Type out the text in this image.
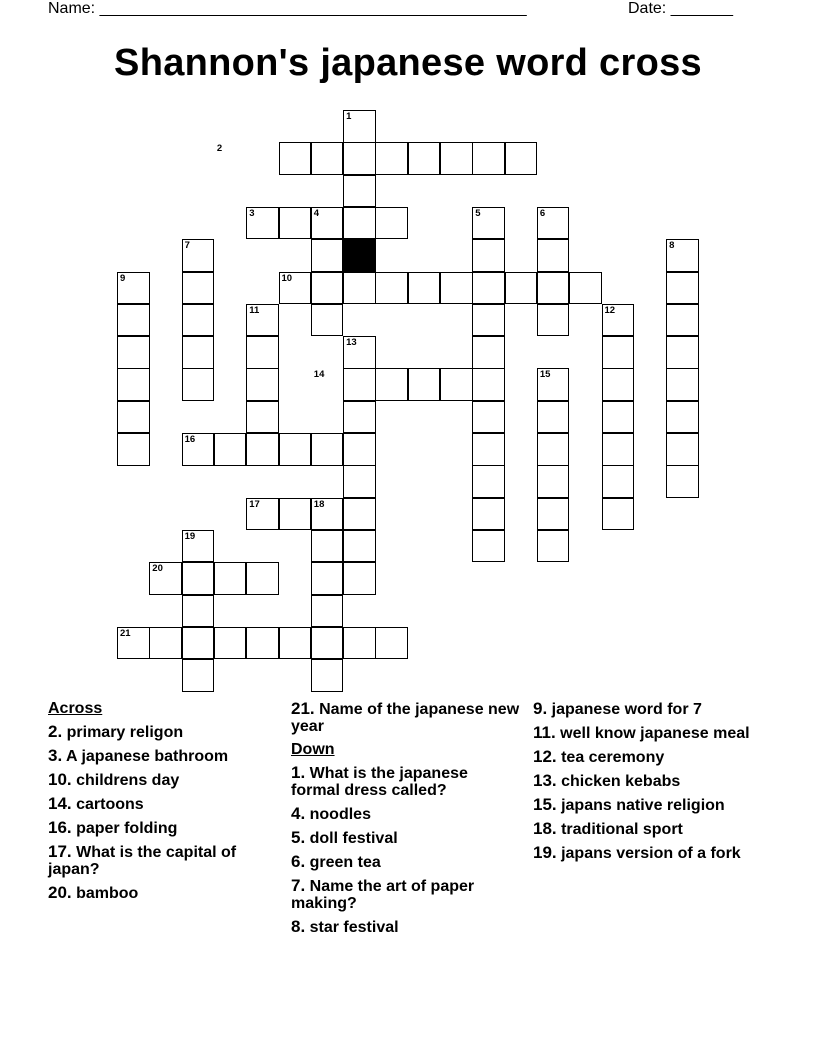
Name: ________________________________________________	Date: _______
Shannon's japanese word cross
1
2
3	4	5	6
7	8
9	10
11	12
13
14	15
16
17	18
19
20
21
Across
2. primary religon
3. A japanese bathroom
10. childrens day
14. cartoons
16. paper folding
17. What is the capital of japan?
20. bamboo
21. Name of the japanese new year
Down
1. What is the japanese formal dress called?
4. noodles
5. doll festival
6. green tea
7. Name the art of paper making?
8. star festival
9. japanese word for 7
11. well know japanese meal
12. tea ceremony
13. chicken kebabs
15. japans native religion
18. traditional sport
19. japans version of a fork
